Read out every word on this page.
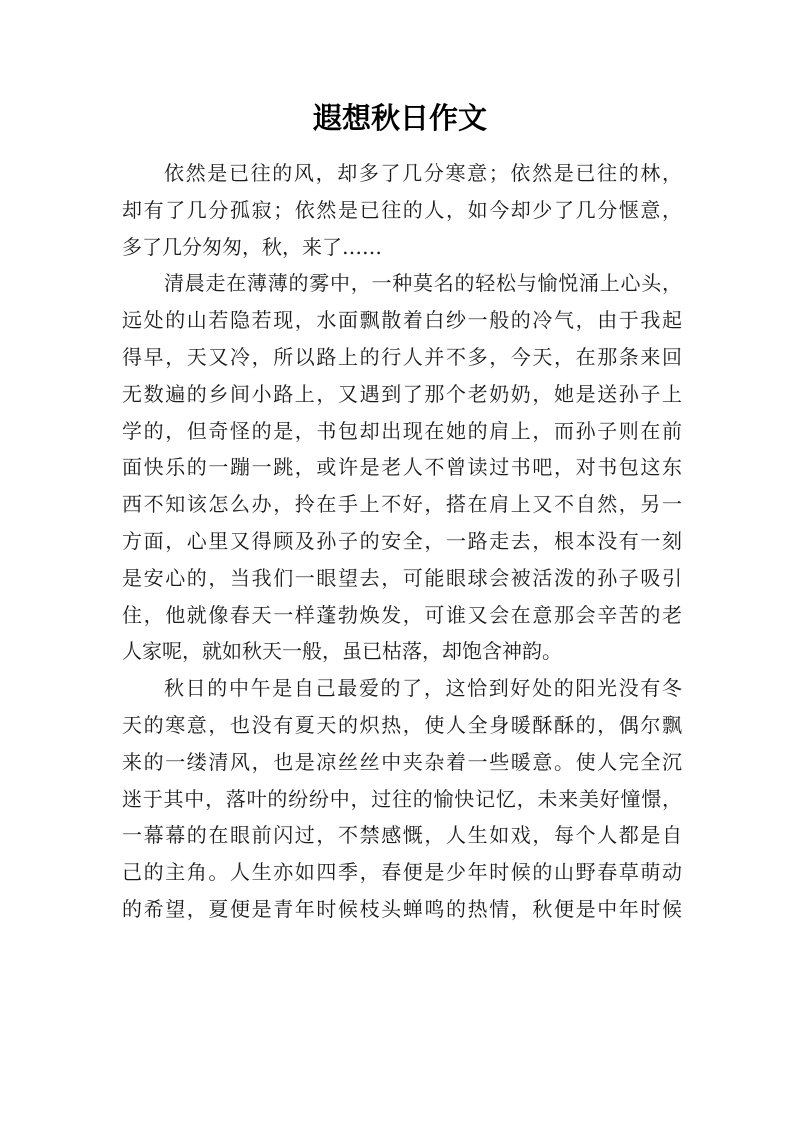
遐想秋日作文
依然是已往的风，却多了几分寒意；依然是已往的林，
却有了几分孤寂；依然是已往的人，如今却少了几分惬意，
多了几分匆匆，秋，来了……
清晨走在薄薄的雾中，一种莫名的轻松与愉悦涌上心头，
远处的山若隐若现，水面飘散着白纱一般的冷气，由于我起
得早，天又冷，所以路上的行人并不多，今天，在那条来回
无数遍的乡间小路上，又遇到了那个老奶奶，她是送孙子上
学的，但奇怪的是，书包却出现在她的肩上，而孙子则在前
面快乐的一蹦一跳，或许是老人不曾读过书吧，对书包这东
西不知该怎么办，拎在手上不好，搭在肩上又不自然，另一
方面，心里又得顾及孙子的安全，一路走去，根本没有一刻
是安心的，当我们一眼望去，可能眼球会被活泼的孙子吸引
住，他就像春天一样蓬勃焕发，可谁又会在意那会辛苦的老
人家呢，就如秋天一般，虽已枯落，却饱含神韵。
秋日的中午是自己最爱的了，这恰到好处的阳光没有冬
天的寒意，也没有夏天的炽热，使人全身暖酥酥的，偶尔飘
来的一缕清风，也是凉丝丝中夹杂着一些暖意。使人完全沉
迷于其中，落叶的纷纷中，过往的愉快记忆，未来美好憧憬，
一幕幕的在眼前闪过，不禁感慨，人生如戏，每个人都是自
己的主角。人生亦如四季，春便是少年时候的山野春草萌动
的希望，夏便是青年时候枝头蝉鸣的热情，秋便是中年时候
